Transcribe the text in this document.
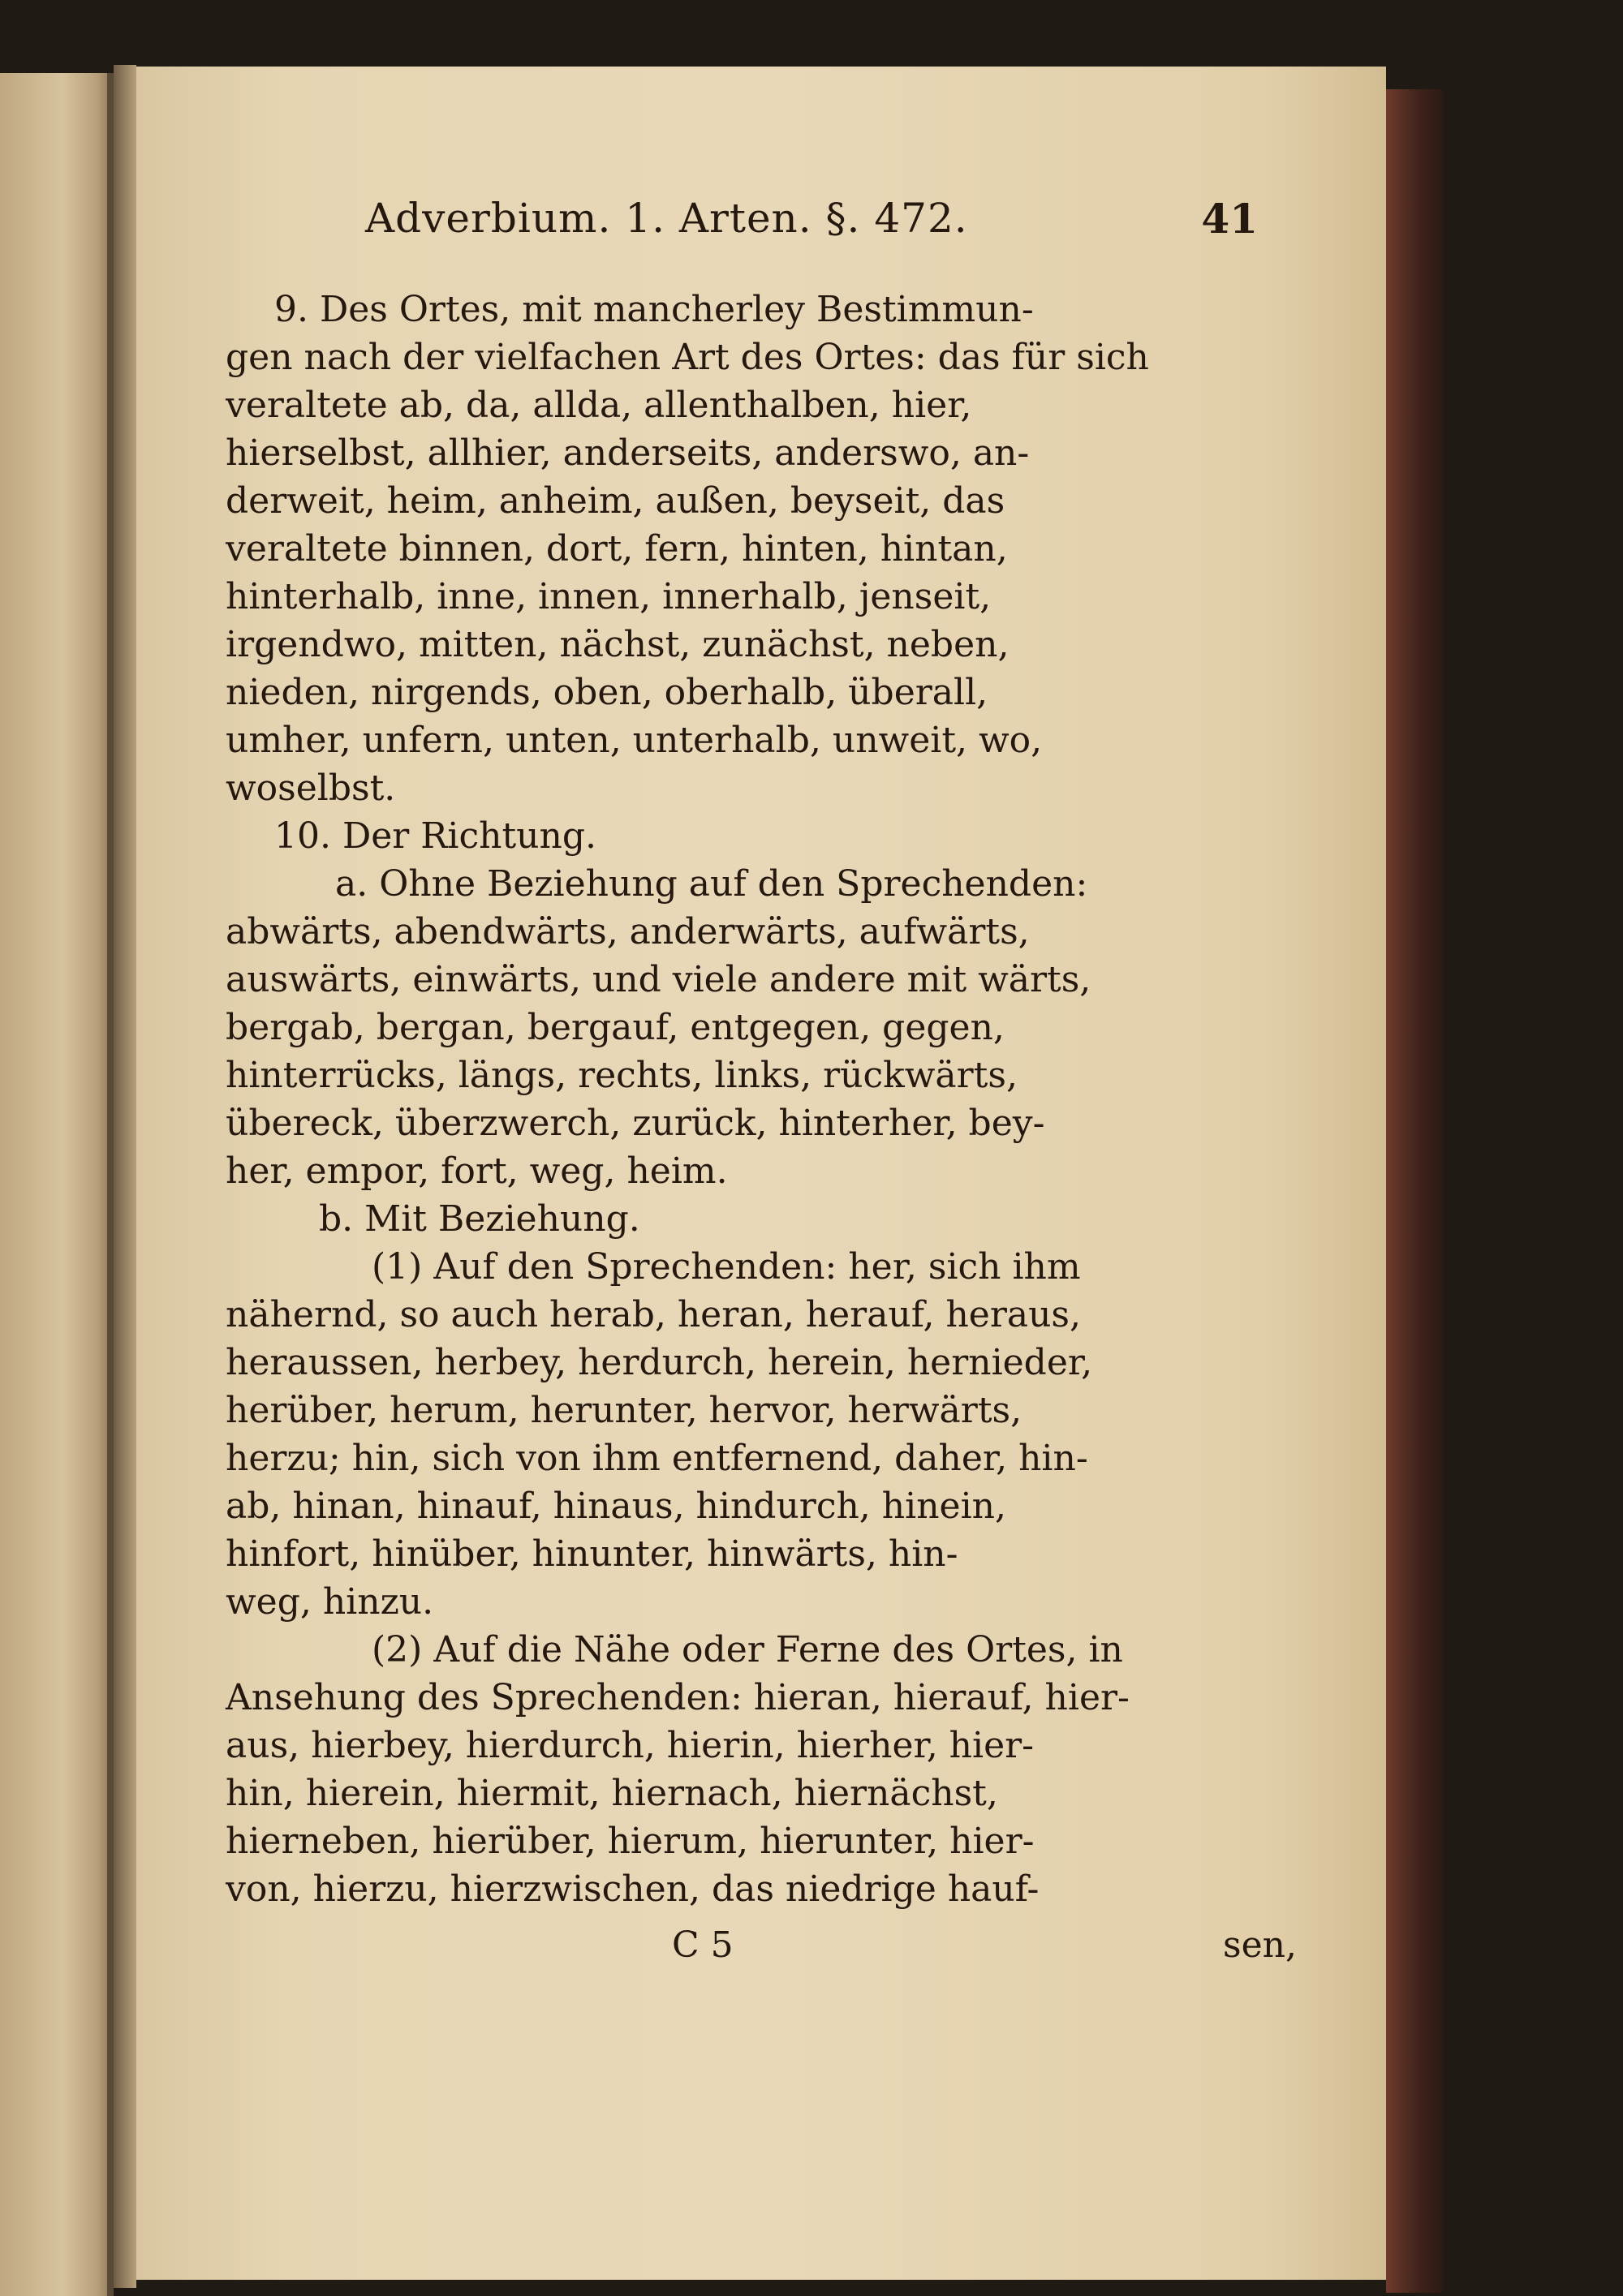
Adverbium. 1. Arten. §. 472.	41
9. Des Ortes, mit mancherley Bestimmun-
gen nach der vielfachen Art des Ortes: das für sich
veraltete ab, da, allda, allenthalben, hier,
hierselbst, allhier, anderseits, anderswo, an-
derweit, heim, anheim, außen, beyseit, das
veraltete binnen, dort, fern, hinten, hintan,
hinterhalb, inne, innen, innerhalb, jenseit,
irgendwo, mitten, nächst, zunächst, neben,
nieden, nirgends, oben, oberhalb, überall,
umher, unfern, unten, unterhalb, unweit, wo,
woselbst.
10. Der Richtung.
a. Ohne Beziehung auf den Sprechenden:
abwärts, abendwärts, anderwärts, aufwärts,
auswärts, einwärts, und viele andere mit wärts,
bergab, bergan, bergauf, entgegen, gegen,
hinterrücks, längs, rechts, links, rückwärts,
übereck, überzwerch, zurück, hinterher, bey-
her, empor, fort, weg, heim.
b. Mit Beziehung.
(1) Auf den Sprechenden: her, sich ihm
nähernd, so auch herab, heran, herauf, heraus,
heraussen, herbey, herdurch, herein, hernieder,
herüber, herum, herunter, hervor, herwärts,
herzu; hin, sich von ihm entfernend, daher, hin-
ab, hinan, hinauf, hinaus, hindurch, hinein,
hinfort, hinüber, hinunter, hinwärts, hin-
weg, hinzu.
(2) Auf die Nähe oder Ferne des Ortes, in
Ansehung des Sprechenden: hieran, hierauf, hier-
aus, hierbey, hierdurch, hierin, hierher, hier-
hin, hierein, hiermit, hiernach, hiernächst,
hierneben, hierüber, hierum, hierunter, hier-
von, hierzu, hierzwischen, das niedrige hauf-
C 5	sen,
